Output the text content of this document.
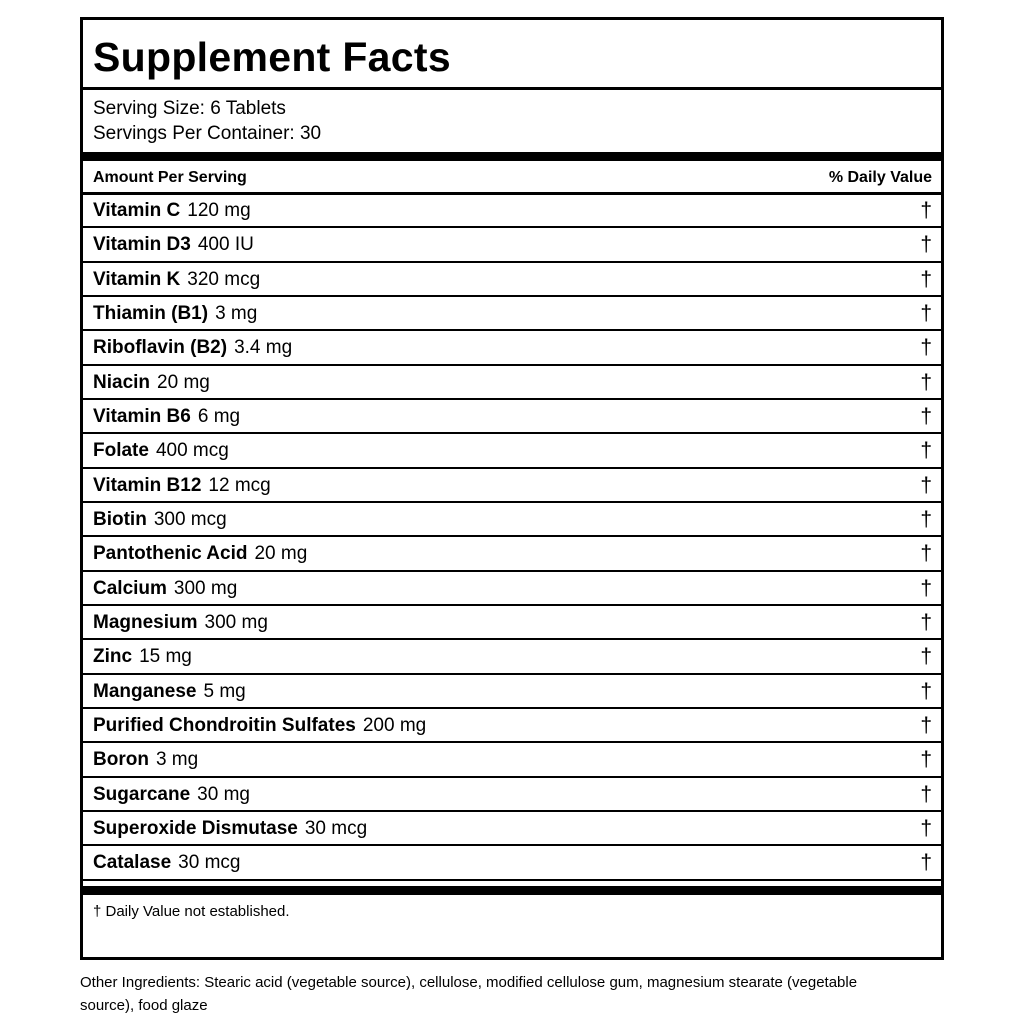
Supplement Facts
Serving Size: 6 Tablets
Servings Per Container: 30
Amount Per Serving	% Daily Value
Vitamin C 120 mg	†
Vitamin D3 400 IU	†
Vitamin K 320 mcg	†
Thiamin (B1) 3 mg	†
Riboflavin (B2) 3.4 mg	†
Niacin 20 mg	†
Vitamin B6 6 mg	†
Folate 400 mcg	†
Vitamin B12 12 mcg	†
Biotin 300 mcg	†
Pantothenic Acid 20 mg	†
Calcium 300 mg	†
Magnesium 300 mg	†
Zinc 15 mg	†
Manganese 5 mg	†
Purified Chondroitin Sulfates 200 mg	†
Boron 3 mg	†
Sugarcane 30 mg	†
Superoxide Dismutase 30 mcg	†
Catalase 30 mcg	†
† Daily Value not established.

Other Ingredients: Stearic acid (vegetable source), cellulose, modified cellulose gum, magnesium stearate (vegetable source), food glaze
